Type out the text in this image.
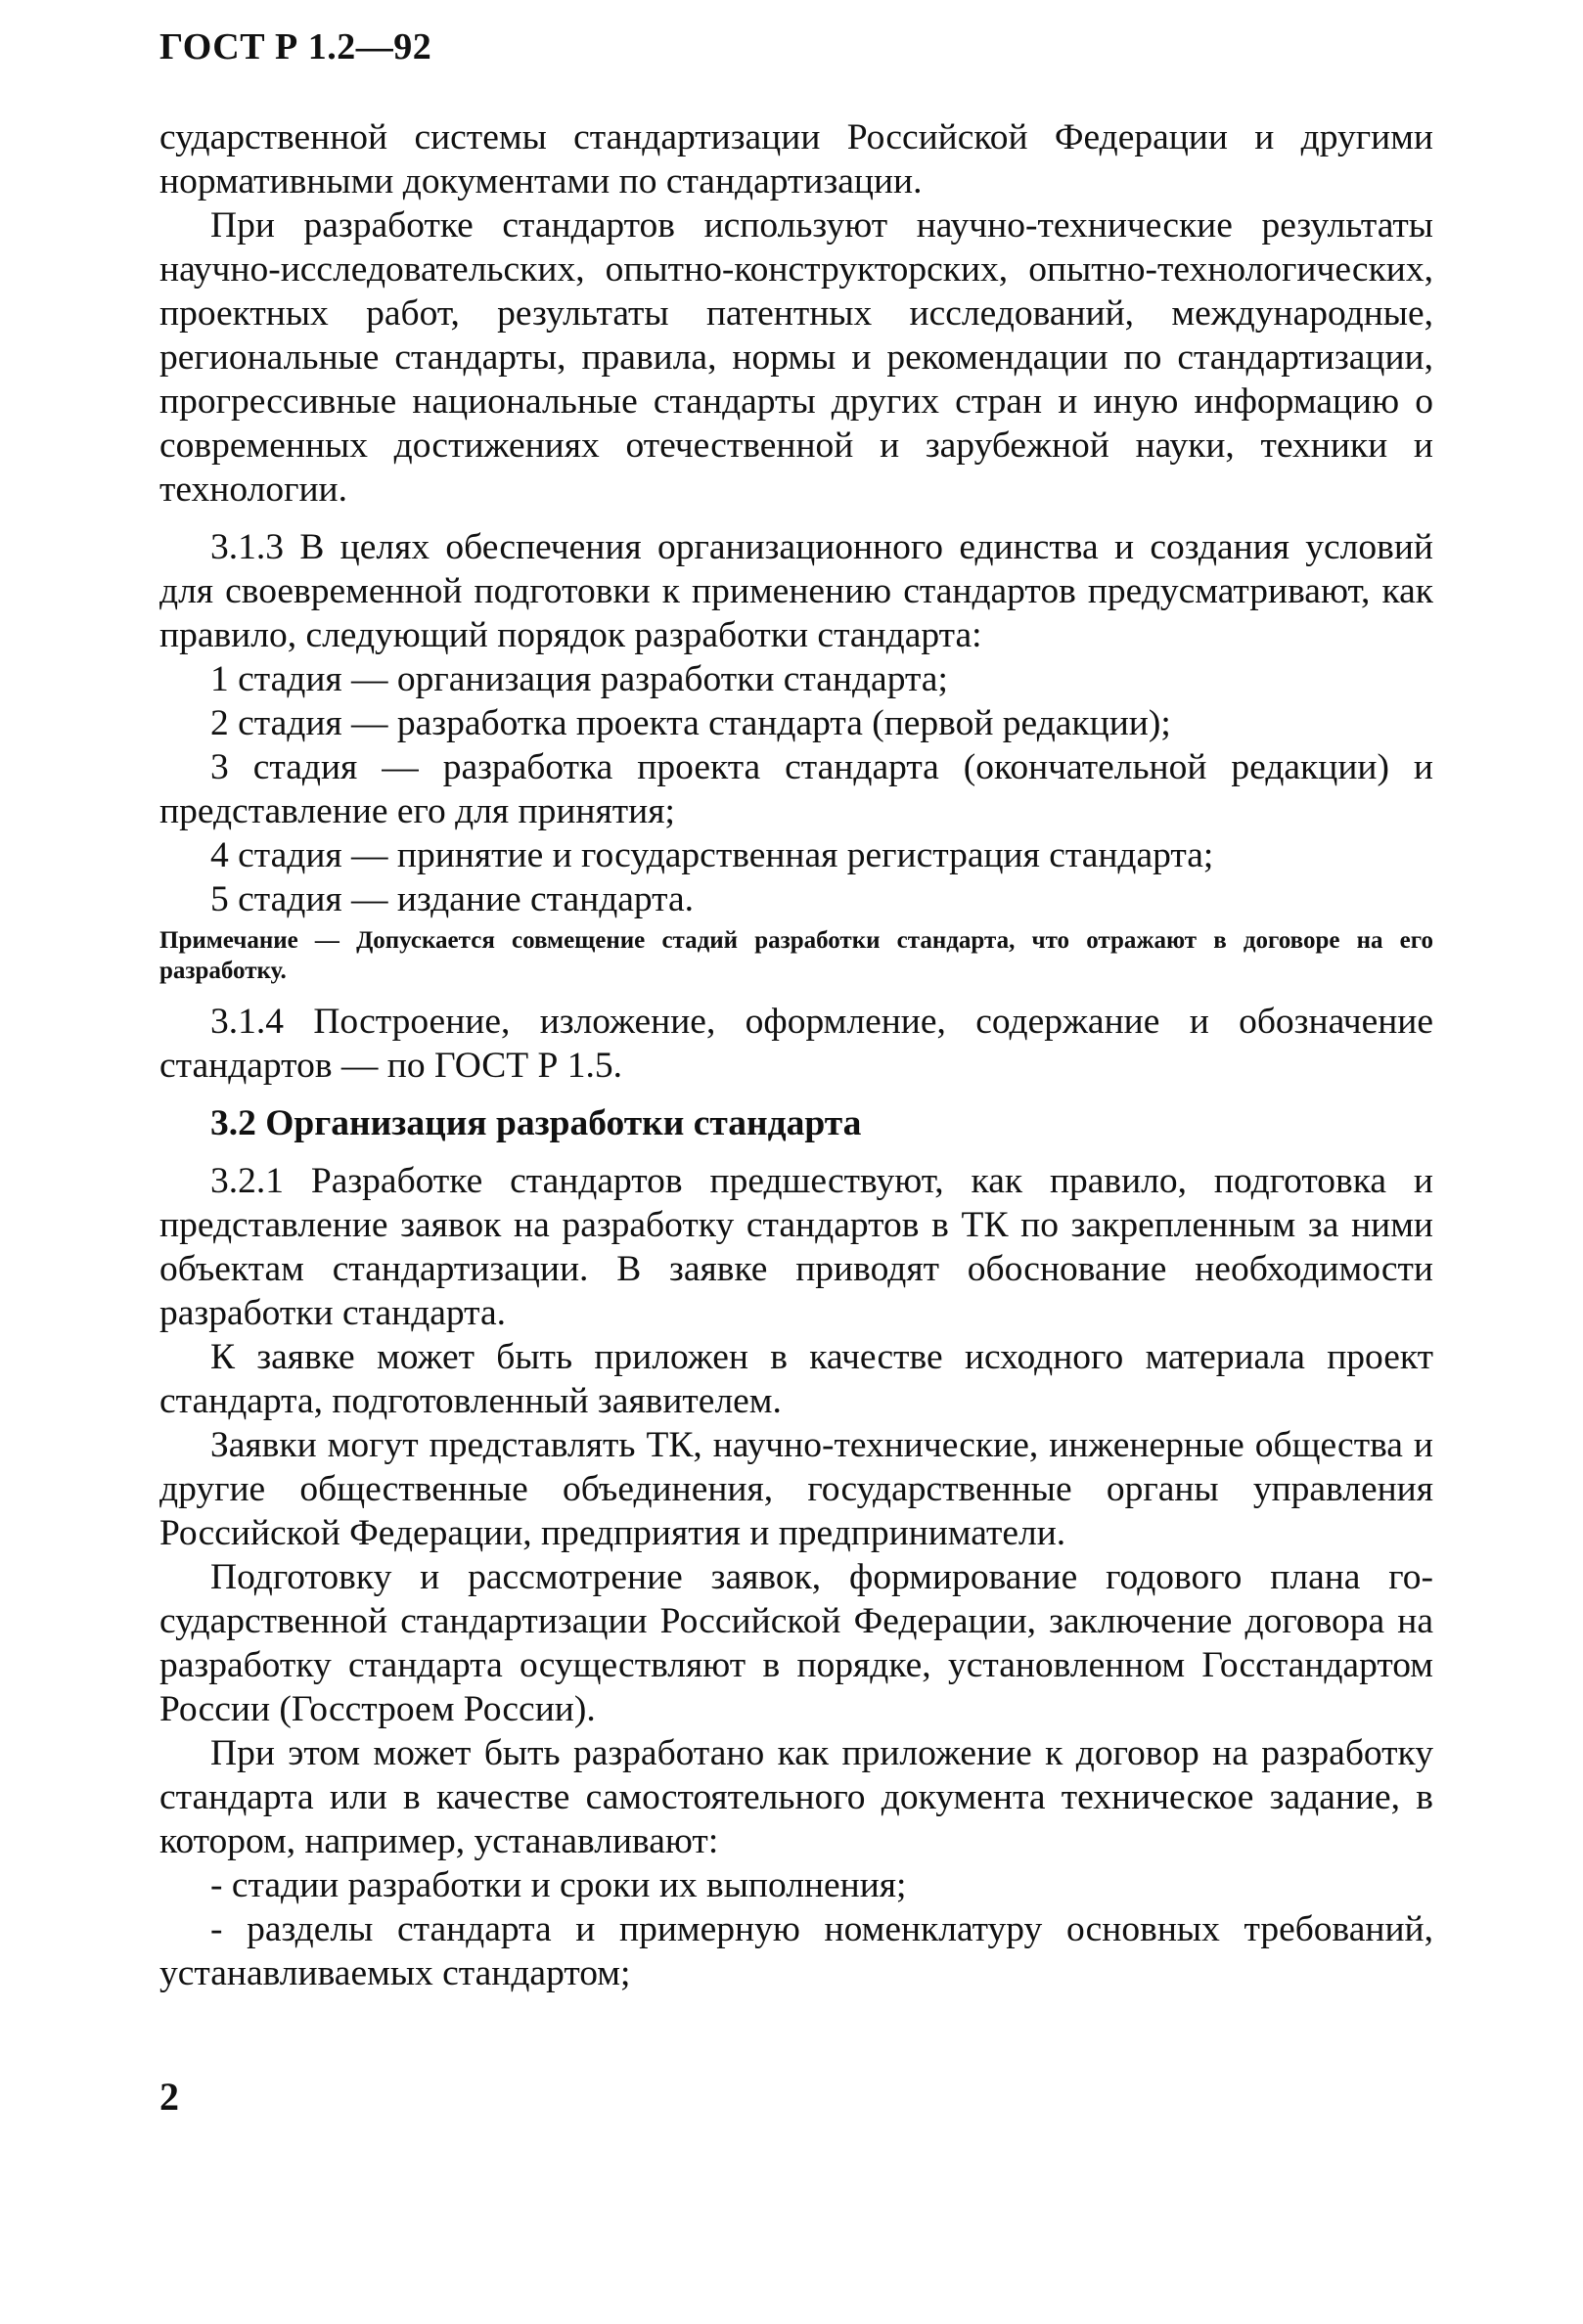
ГОСТ Р 1.2—92

сударственной системы стандартизации Российской Федерации и другими нормативными документами по стандартизации.

При разработке стандартов используют научно-технические результаты научно-исследовательских, опытно-конструкторских, опытно-технологических, проектных работ, результаты патентных исследований, международные, региональные стандарты, правила, нормы и рекомендации по стандартизации, прогрессивные национальные стандарты других стран и иную информацию о современных достижениях отечественной и зарубежной науки, техники и технологии.

3.1.3 В целях обеспечения организационного единства и создания условий для своевременной подготовки к применению стандартов предусматривают, как правило, следующий порядок разработки стандарта:

1 стадия — организация разработки стандарта;

2 стадия — разработка проекта стандарта (первой редакции);

3 стадия — разработка проекта стандарта (окончательной редакции) и представление его для принятия;

4 стадия — принятие и государственная регистрация стандарта;

5 стадия — издание стандарта.

Примечание — Допускается совмещение стадий разработки стандарта, что отражают в договоре на его разработку.

3.1.4 Построение, изложение, оформление, содержание и обозначение стандартов — по ГОСТ Р 1.5.

3.2 Организация разработки стандарта

3.2.1 Разработке стандартов предшествуют, как правило, подготовка и представление заявок на разработку стандартов в ТК по закрепленным за ними объектам стандартизации. В заявке приводят обоснование необходимости разработки стандарта.

К заявке может быть приложен в качестве исходного материала проект стандарта, подготовленный заявителем.

Заявки могут представлять ТК, научно-технические, инженерные общества и другие общественные объединения, государственные органы управления Российской Федерации, предприятия и предприниматели.

Подготовку и рассмотрение заявок, формирование годового плана государственной стандартизации Российской Федерации, заключение договора на разработку стандарта осуществляют в порядке, установленном Госстандартом России (Госстроем России).

При этом может быть разработано как приложение к договор на разработку стандарта или в качестве самостоятельного документа техническое задание, в котором, например, устанавливают:

- стадии разработки и сроки их выполнения;

- разделы стандарта и примерную номенклатуру основных требований, устанавливаемых стандартом;

2
